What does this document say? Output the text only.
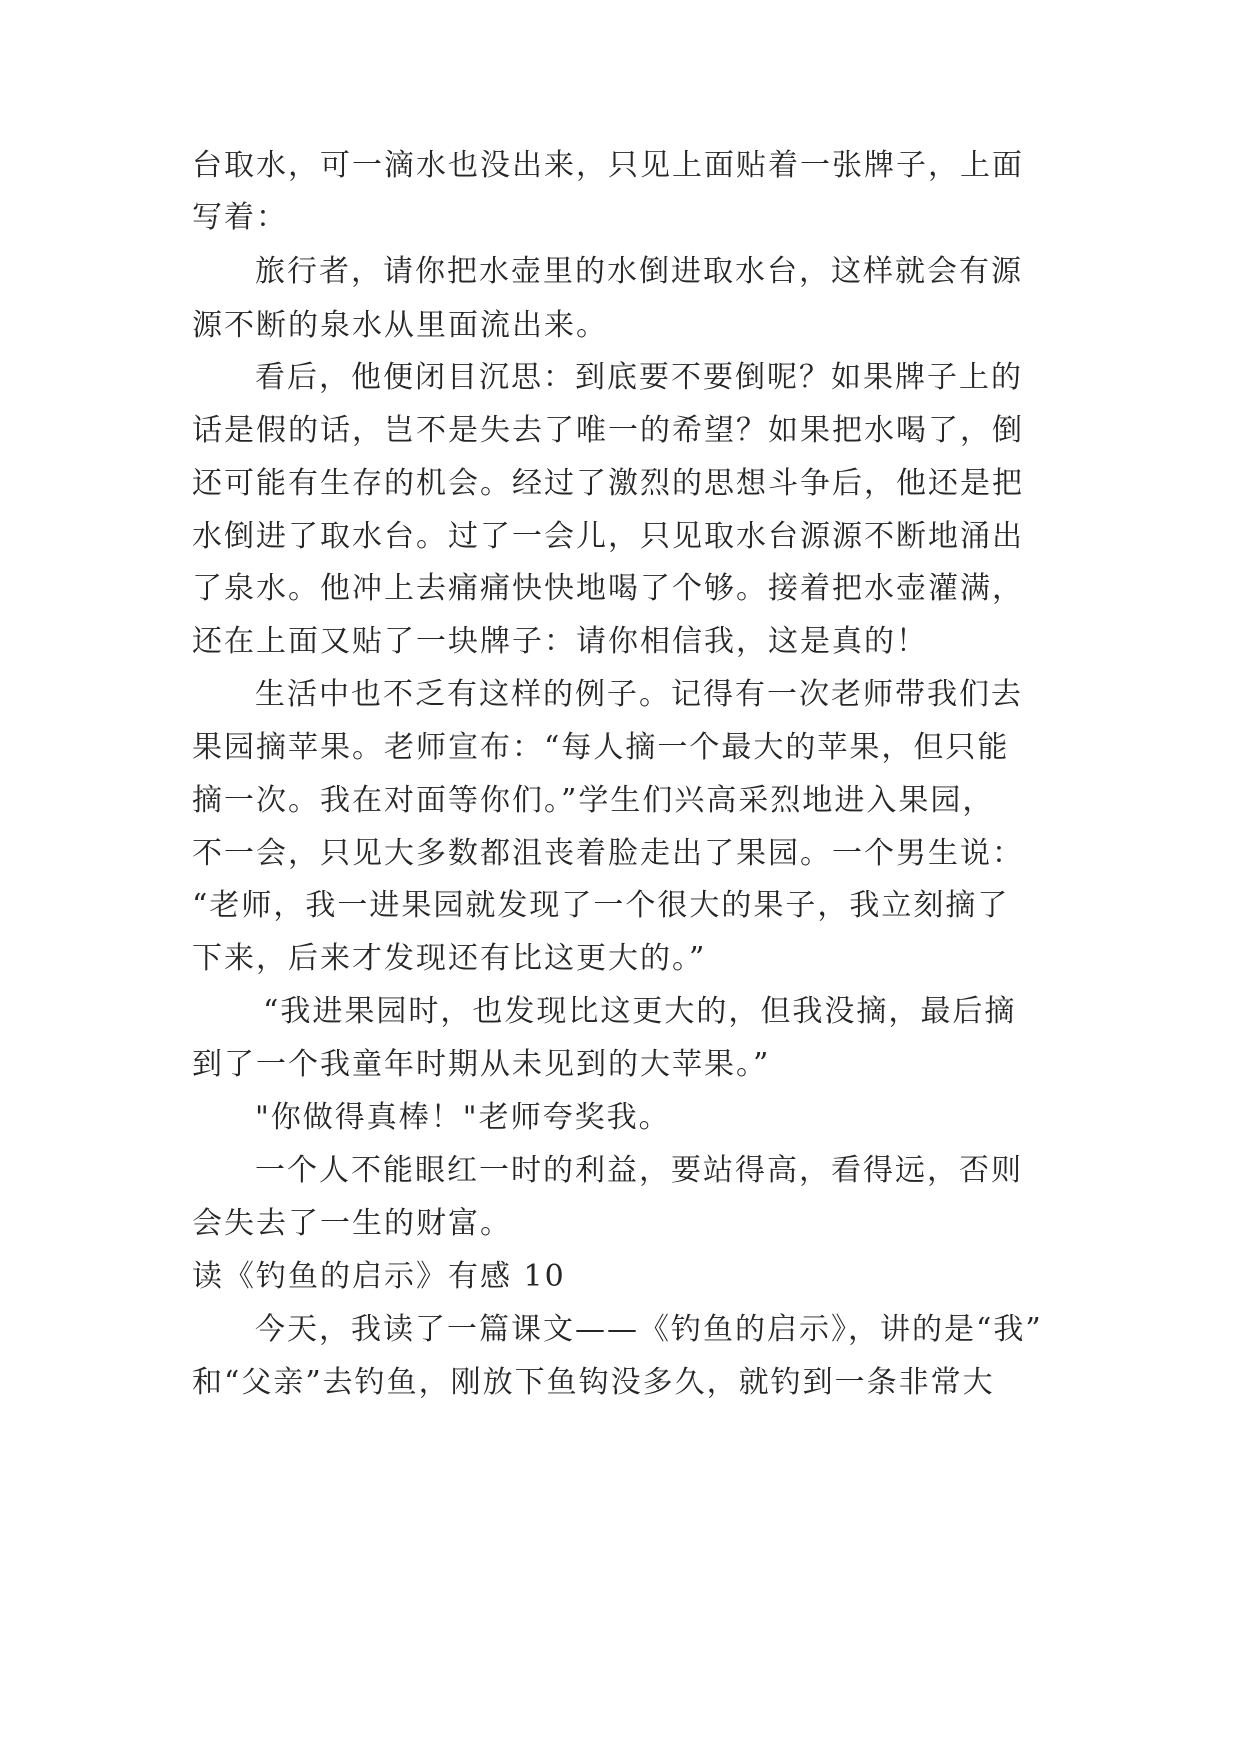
台取水，可一滴水也没出来，只见上面贴着一张牌子，上面
写着：
旅行者，请你把水壶里的水倒进取水台，这样就会有源
源不断的泉水从里面流出来。
看后，他便闭目沉思：到底要不要倒呢？如果牌子上的
话是假的话，岂不是失去了唯一的希望？如果把水喝了，倒
还可能有生存的机会。经过了激烈的思想斗争后，他还是把
水倒进了取水台。过了一会儿，只见取水台源源不断地涌出
了泉水。他冲上去痛痛快快地喝了个够。接着把水壶灌满，
还在上面又贴了一块牌子：请你相信我，这是真的！
生活中也不乏有这样的例子。记得有一次老师带我们去
果园摘苹果。老师宣布：“每人摘一个最大的苹果，但只能
摘一次。我在对面等你们。”学生们兴高采烈地进入果园，
不一会，只见大多数都沮丧着脸走出了果园。一个男生说：
“老师，我一进果园就发现了一个很大的果子，我立刻摘了
下来，后来才发现还有比这更大的。”
“我进果园时，也发现比这更大的，但我没摘，最后摘
到了一个我童年时期从未见到的大苹果。”
"你做得真棒！"老师夸奖我。
一个人不能眼红一时的利益，要站得高，看得远，否则
会失去了一生的财富。
读《钓鱼的启示》有感 10
今天，我读了一篇课文——《钓鱼的启示》，讲的是“我”
和“父亲”去钓鱼，刚放下鱼钩没多久，就钓到一条非常大
